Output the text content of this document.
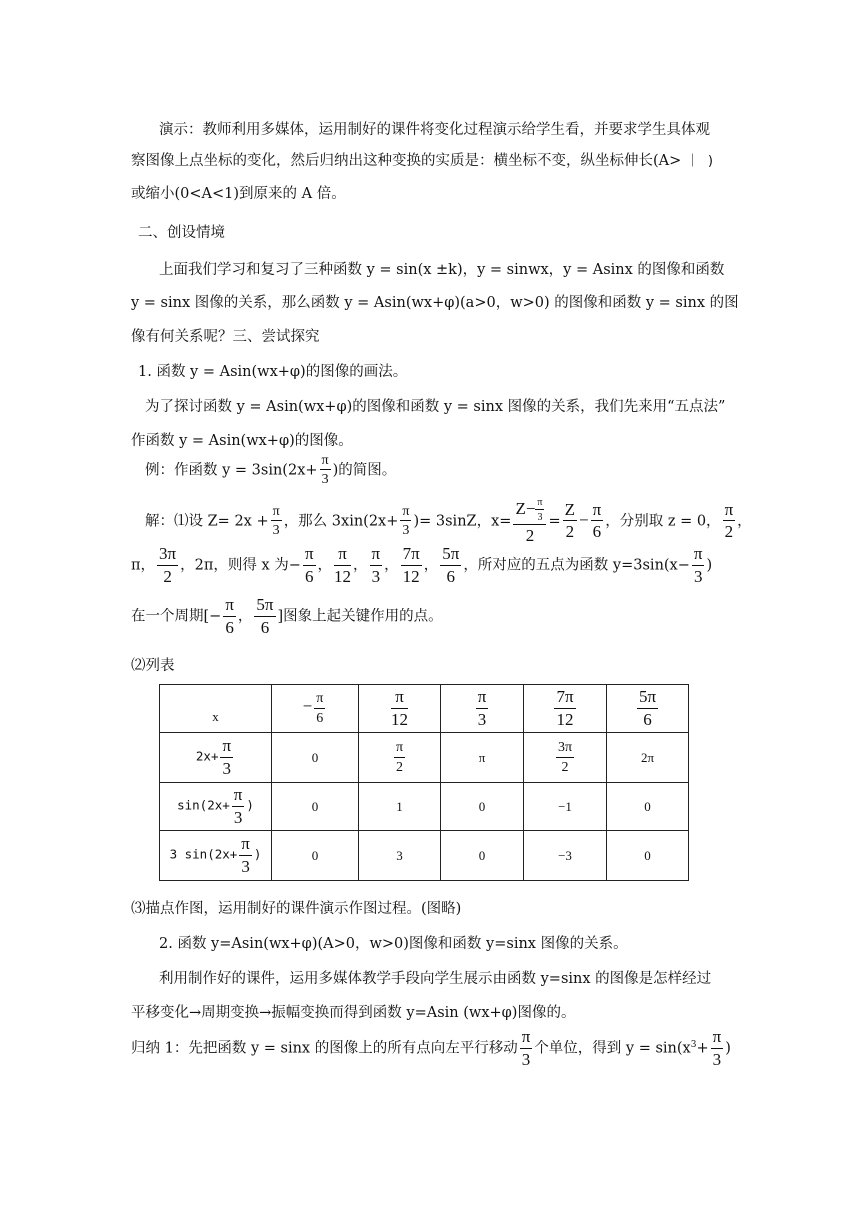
演示：教师利用多媒体，运用制好的课件将变化过程演示给学生看，并要求学生具体观
察图像上点坐标的变化，然后归纳出这种变换的实质是：横坐标不变，纵坐标伸长(A> ｜ )
或缩小(0<A<1)到原来的 A 倍。
二、创设情境
上面我们学习和复习了三种函数 y = sin(x ±k)，y = sinwx，y = Asinx 的图像和函数
y = sinx 图像的关系，那么函数 y = Asin(wx+φ)(a>0，w>0) 的图像和函数 y = sinx 的图
像有何关系呢？三、尝试探究
1. 函数 y = Asin(wx+φ)的图像的画法。
为了探讨函数 y = Asin(wx+φ)的图像和函数 y = sinx 图像的关系，我们先来用“五点法”
作函数 y = Asin(wx+φ)的图像。
例：作函数 $y = 3\sin(2x+ \frac{\pi}{3}$ )的简图。
解：⑴设 $Z= 2x + \frac{\pi}{3}$ ，那么 $3xin(2x+ \frac{\pi}{3}$ )= 3sinZ，$x= \frac{Z- \frac{\pi}{3}}{2} = \frac{Z}{2} - \frac{\pi}{6}$ ，分别取 z = 0， $\frac{\pi}{2}$ ，
π， $\frac{3\pi}{2}$ ，2π，则得 x 为− $\frac{\pi}{6}$ ， $\frac{\pi}{12}$ ， $\frac{\pi}{3}$ ， $\frac{7\pi}{12}$ ， $\frac{5\pi}{6}$ ，所对应的五点为函数 $y=3\sin(x- \frac{\pi}{3}$ )
在一个周期[− $\frac{\pi}{6}$ ， $\frac{5\pi}{6}$ ]图象上起关键作用的点。
⑵列表
x	− $\frac{\pi}{6}$	$\frac{\pi}{12}$	$\frac{\pi}{3}$	$\frac{7\pi}{12}$	$\frac{5\pi}{6}$

$2x+ \frac{\pi}{3}$	0	$\frac{\pi}{2}$	π	$\frac{3\pi}{2}$	2π
$\sin(2x+ \frac{\pi}{3}$ )	0	1	0	−1	0
3 $\sin(2x+ \frac{\pi}{3}$ )	0	3	0	−3	0
⑶描点作图，运用制好的课件演示作图过程。(图略)
2. 函数 y=Asin(wx+φ)(A>0，w>0)图像和函数 y=sinx 图像的关系。
利用制作好的课件，运用多媒体教学手段向学生展示由函数 y=sinx 的图像是怎样经过
平移变化→周期变换→振幅变换而得到函数 y=Asin (wx+φ)图像的。
归纳 1：先把函数 y = sinx 的图像上的所有点向左平行移动 $\frac{\pi}{3}$ 个单位，得到 $y = \sin(x^3+ \frac{\pi}{3}$ )
